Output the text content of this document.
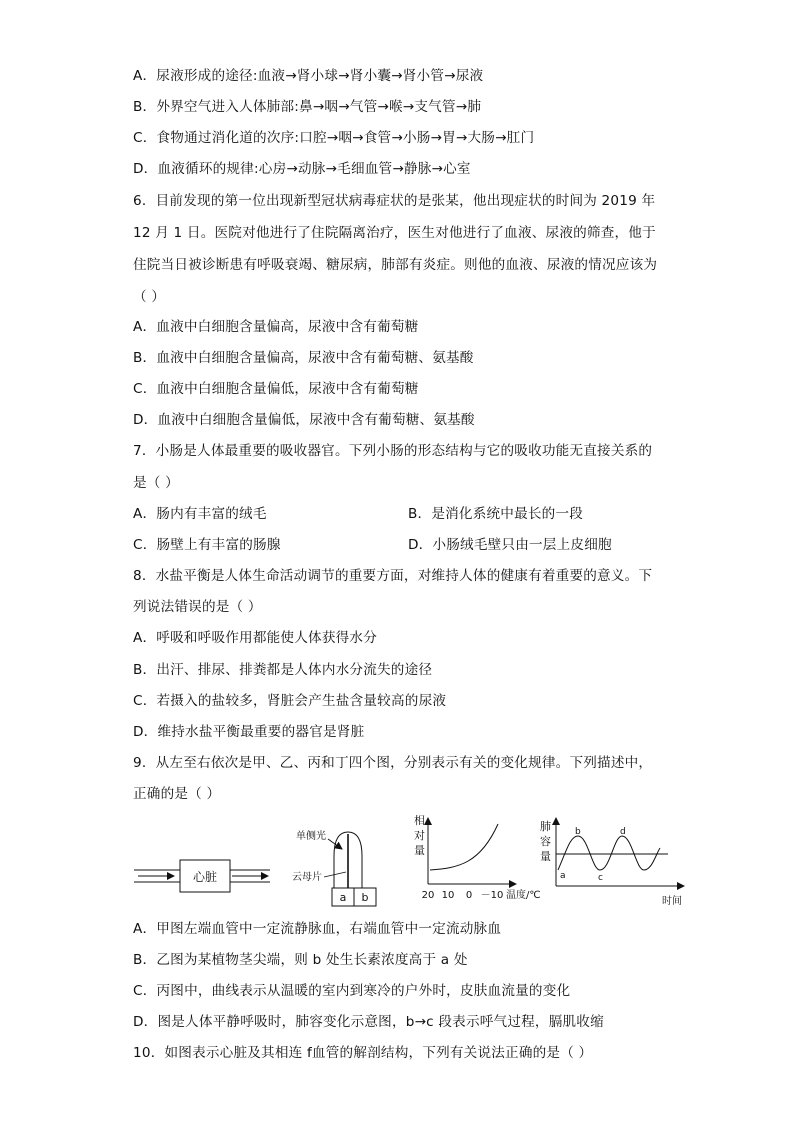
A．尿液形成的途径:血液→肾小球→肾小囊→肾小管→尿液
B．外界空气进入人体肺部:鼻→咽→气管→喉→支气管→肺
C．食物通过消化道的次序:口腔→咽→食管→小肠→胃→大肠→肛门
D．血液循环的规律:心房→动脉→毛细血管→静脉→心室
6．目前发现的第一位出现新型冠状病毒症状的是张某，他出现症状的时间为 2019 年
12 月 1 日。医院对他进行了住院隔离治疗，医生对他进行了血液、尿液的筛查，他于
住院当日被诊断患有呼吸衰竭、糖尿病，肺部有炎症。则他的血液、尿液的情况应该为
（ ）
A．血液中白细胞含量偏高，尿液中含有葡萄糖
B．血液中白细胞含量偏高，尿液中含有葡萄糖、氨基酸
C．血液中白细胞含量偏低，尿液中含有葡萄糖
D．血液中白细胞含量偏低，尿液中含有葡萄糖、氨基酸
7．小肠是人体最重要的吸收器官。下列小肠的形态结构与它的吸收功能无直接关系的
是（ ）
A．肠内有丰富的绒毛	B．是消化系统中最长的一段
C．肠壁上有丰富的肠腺	D．小肠绒毛壁只由一层上皮细胞
8．水盐平衡是人体生命活动调节的重要方面，对维持人体的健康有着重要的意义。下
列说法错误的是（ ）
A．呼吸和呼吸作用都能使人体获得水分
B．出汗、排尿、排粪都是人体内水分流失的途径
C．若摄入的盐较多，肾脏会产生盐含量较高的尿液
D．维持水盐平衡最重要的器官是肾脏
9．从左至右依次是甲、乙、丙和丁四个图，分别表示有关的变化规律。下列描述中，
正确的是（ ）
心脏
单侧光
云母片
a b
相
对
量
20 10 0 －10 温度/℃
肺
容
量
a
b
c
d
时间
A．甲图左端血管中一定流静脉血，右端血管中一定流动脉血
B．乙图为某植物茎尖端，则 b 处生长素浓度高于 a 处
C．丙图中，曲线表示从温暖的室内到寒冷的户外时，皮肤血流量的变化
D．图是人体平静呼吸时，肺容变化示意图，b→c 段表示呼气过程，膈肌收缩
10．如图表示心脏及其相连 f血管的解剖结构，下列有关说法正确的是（ ）
